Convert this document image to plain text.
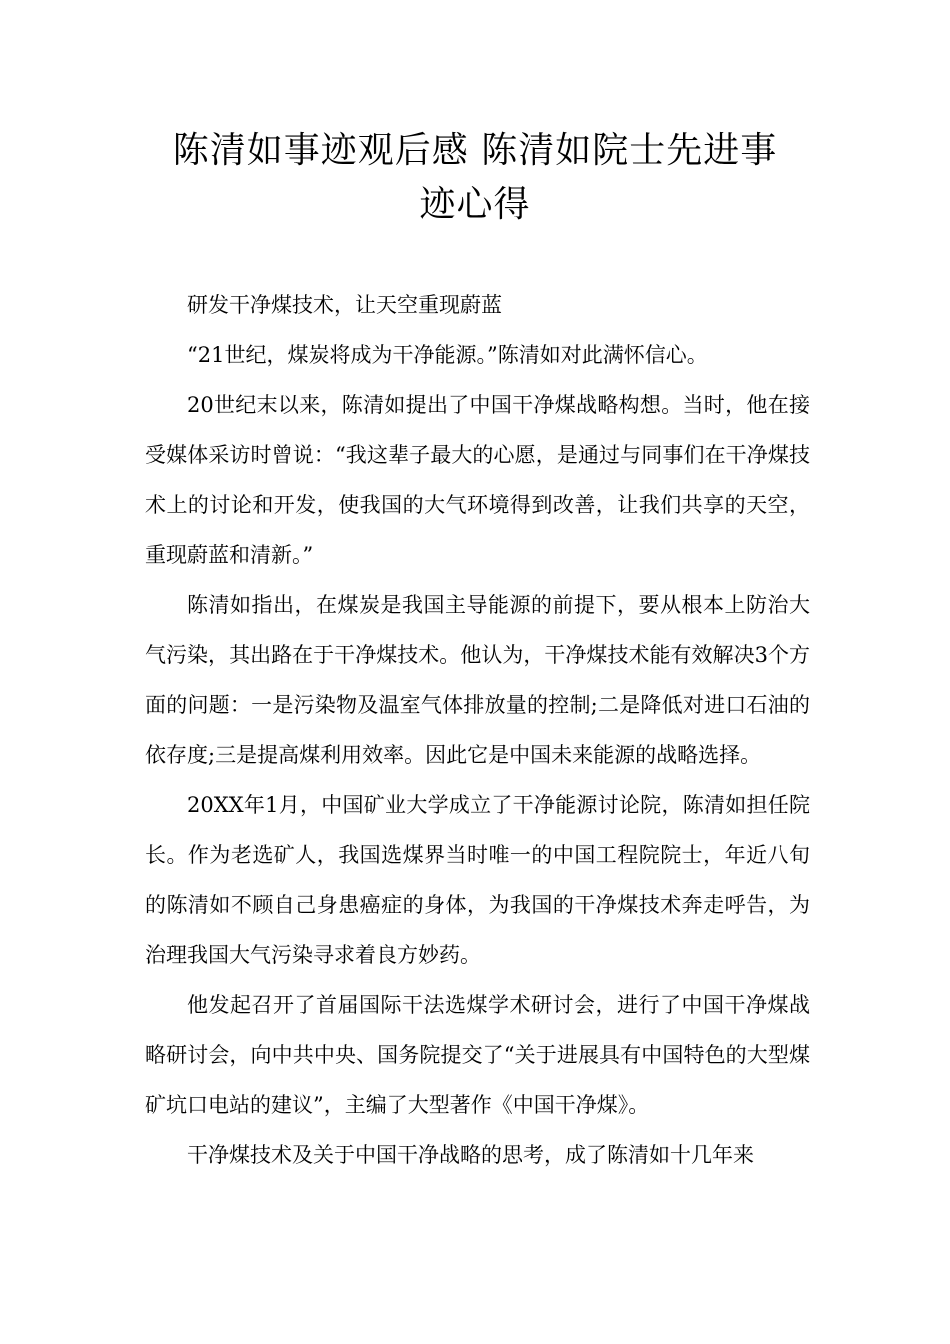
陈清如事迹观后感 陈清如院士先进事
迹心得

研发干净煤技术，让天空重现蔚蓝

“21世纪，煤炭将成为干净能源。”陈清如对此满怀信心。

20世纪末以来，陈清如提出了中国干净煤战略构想。当时，他在接受媒体采访时曾说：“我这辈子最大的心愿，是通过与同事们在干净煤技术上的讨论和开发，使我国的大气环境得到改善，让我们共享的天空，重现蔚蓝和清新。”

陈清如指出，在煤炭是我国主导能源的前提下，要从根本上防治大气污染，其出路在于干净煤技术。他认为，干净煤技术能有效解决3个方面的问题：一是污染物及温室气体排放量的控制;二是降低对进口石油的依存度;三是提高煤利用效率。因此它是中国未来能源的战略选择。

20XX年1月，中国矿业大学成立了干净能源讨论院，陈清如担任院长。作为老选矿人，我国选煤界当时唯一的中国工程院院士，年近八旬的陈清如不顾自己身患癌症的身体，为我国的干净煤技术奔走呼告，为治理我国大气污染寻求着良方妙药。

他发起召开了首届国际干法选煤学术研讨会，进行了中国干净煤战略研讨会，向中共中央、国务院提交了“关于进展具有中国特色的大型煤矿坑口电站的建议”，主编了大型著作《中国干净煤》。

干净煤技术及关于中国干净战略的思考，成了陈清如十几年来
